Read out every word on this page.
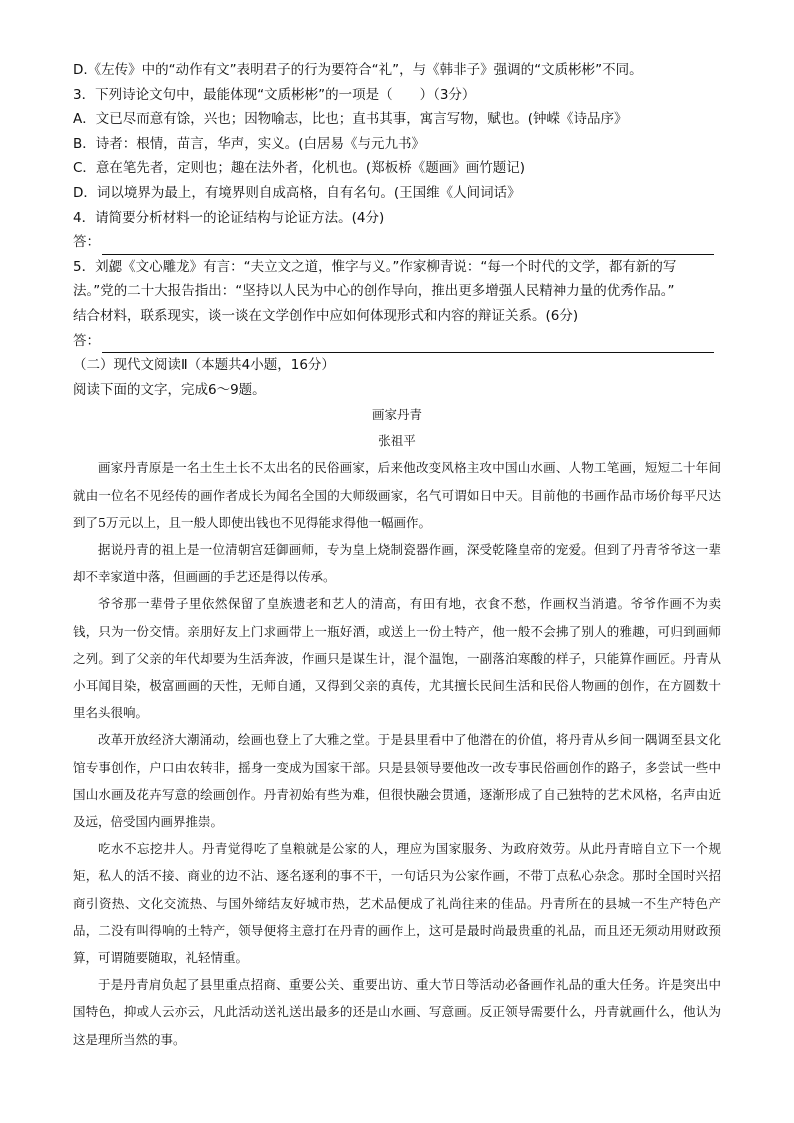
D.《左传》中的“动作有文”表明君子的行为要符合“礼”，与《韩非子》强调的“文质彬彬”不同。
3．下列诗论文句中，最能体现“文质彬彬”的一项是（　　）（3分）
A．文已尽而意有馀，兴也；因物喻志，比也；直书其事，寓言写物，赋也。(钟嵘《诗品序》
B．诗者：根情，苗言，华声，实义。(白居易《与元九书》
C．意在笔先者，定则也；趣在法外者，化机也。(郑板桥《题画》画竹题记)
D．词以境界为最上，有境界则自成高格，自有名句。(王国维《人间词话》
4．请简要分析材料一的论证结构与论证方法。(4分)
答：
5．刘勰《文心雕龙》有言：“夫立文之道，惟字与义。”作家柳青说：“每一个时代的文学，都有新的写
法。”党的二十大报告指出：“坚持以人民为中心的创作导向，推出更多增强人民精神力量的优秀作品。”
结合材料，联系现实，谈一谈在文学创作中应如何体现形式和内容的辩证关系。(6分)
答：
（二）现代文阅读Ⅱ（本题共4小题，16分）
阅读下面的文字，完成6～9题。
画家丹青
张祖平

画家丹青原是一名土生土长不太出名的民俗画家，后来他改变风格主攻中国山水画、人物工笔画，短短二十年间就由一位名不见经传的画作者成长为闻名全国的大师级画家，名气可谓如日中天。目前他的书画作品市场价每平尺达到了5万元以上，且一般人即使出钱也不见得能求得他一幅画作。

据说丹青的祖上是一位清朝宫廷御画师，专为皇上烧制瓷器作画，深受乾隆皇帝的宠爱。但到了丹青爷爷这一辈却不幸家道中落，但画画的手艺还是得以传承。

爷爷那一辈骨子里依然保留了皇族遗老和艺人的清高，有田有地，衣食不愁，作画权当消遣。爷爷作画不为卖钱，只为一份交情。亲朋好友上门求画带上一瓶好酒，或送上一份土特产，他一般不会拂了别人的雅趣，可归到画师之列。到了父亲的年代却要为生活奔波，作画只是谋生计，混个温饱，一副落泊寒酸的样子，只能算作画匠。丹青从小耳闻目染，极富画画的天性，无师自通，又得到父亲的真传，尤其擅长民间生活和民俗人物画的创作，在方圆数十里名头很响。

改革开放经济大潮涌动，绘画也登上了大雅之堂。于是县里看中了他潜在的价值，将丹青从乡间一隅调至县文化馆专事创作，户口由农转非，摇身一变成为国家干部。只是县领导要他改一改专事民俗画创作的路子，多尝试一些中国山水画及花卉写意的绘画创作。丹青初始有些为难，但很快融会贯通，逐渐形成了自己独特的艺术风格，名声由近及远，倍受国内画界推崇。

吃水不忘挖井人。丹青觉得吃了皇粮就是公家的人，理应为国家服务、为政府效劳。从此丹青暗自立下一个规矩，私人的活不接、商业的边不沾、逐名逐利的事不干，一句话只为公家作画，不带丁点私心杂念。那时全国时兴招商引资热、文化交流热、与国外缔结友好城市热，艺术品便成了礼尚往来的佳品。丹青所在的县城一不生产特色产品，二没有叫得响的土特产，领导便将主意打在丹青的画作上，这可是最时尚最贵重的礼品，而且还无须动用财政预算，可谓随要随取，礼轻情重。

于是丹青肩负起了县里重点招商、重要公关、重要出访、重大节日等活动必备画作礼品的重大任务。许是突出中国特色，抑或人云亦云，凡此活动送礼送出最多的还是山水画、写意画。反正领导需要什么，丹青就画什么，他认为这是理所当然的事。
